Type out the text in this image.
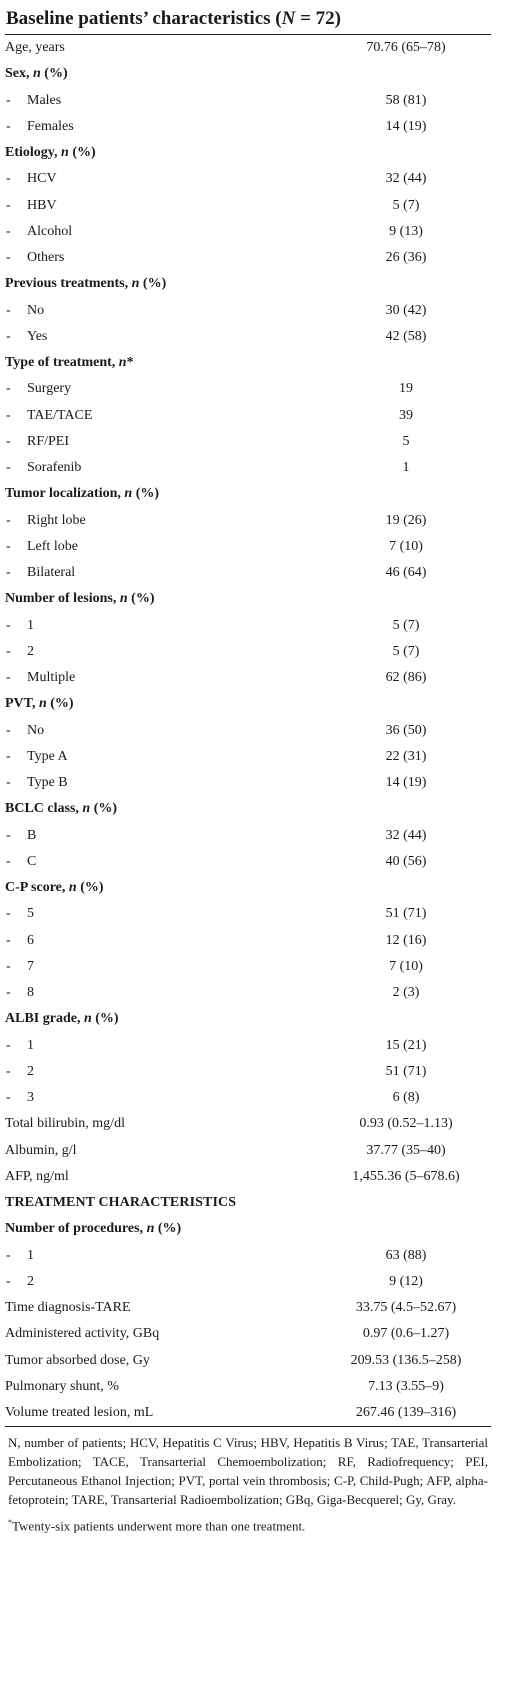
Baseline patients’ characteristics (N = 72)
Age, years	70.76 (65–78)
Sex, n (%)	
- Males	58 (81)
- Females	14 (19)
Etiology, n (%)	
- HCV	32 (44)
- HBV	5 (7)
- Alcohol	9 (13)
- Others	26 (36)
Previous treatments, n (%)	
- No	30 (42)
- Yes	42 (58)
Type of treatment, n*	
- Surgery	19
- TAE/TACE	39
- RF/PEI	5
- Sorafenib	1
Tumor localization, n (%)	
- Right lobe	19 (26)
- Left lobe	7 (10)
- Bilateral	46 (64)
Number of lesions, n (%)	
- 1	5 (7)
- 2	5 (7)
- Multiple	62 (86)
PVT, n (%)	
- No	36 (50)
- Type A	22 (31)
- Type B	14 (19)
BCLC class, n (%)	
- B	32 (44)
- C	40 (56)
C-P score, n (%)	
- 5	51 (71)
- 6	12 (16)
- 7	7 (10)
- 8	2 (3)
ALBI grade, n (%)	
- 1	15 (21)
- 2	51 (71)
- 3	6 (8)
Total bilirubin, mg/dl	0.93 (0.52–1.13)
Albumin, g/l	37.77 (35–40)
AFP, ng/ml	1,455.36 (5–678.6)
TREATMENT CHARACTERISTICS	
Number of procedures, n (%)	
- 1	63 (88)
- 2	9 (12)
Time diagnosis-TARE	33.75 (4.5–52.67)
Administered activity, GBq	0.97 (0.6–1.27)
Tumor absorbed dose, Gy	209.53 (136.5–258)
Pulmonary shunt, %	7.13 (3.55–9)
Volume treated lesion, mL	267.46 (139–316)
N, number of patients; HCV, Hepatitis C Virus; HBV, Hepatitis B Virus; TAE, Transarterial Embolization; TACE, Transarterial Chemoembolization; RF, Radiofrequency; PEI, Percutaneous Ethanol Injection; PVT, portal vein thrombosis; C-P, Child-Pugh; AFP, alpha-fetoprotein; TARE, Transarterial Radioembolization; GBq, Giga-Becquerel; Gy, Gray.
*Twenty-six patients underwent more than one treatment.
